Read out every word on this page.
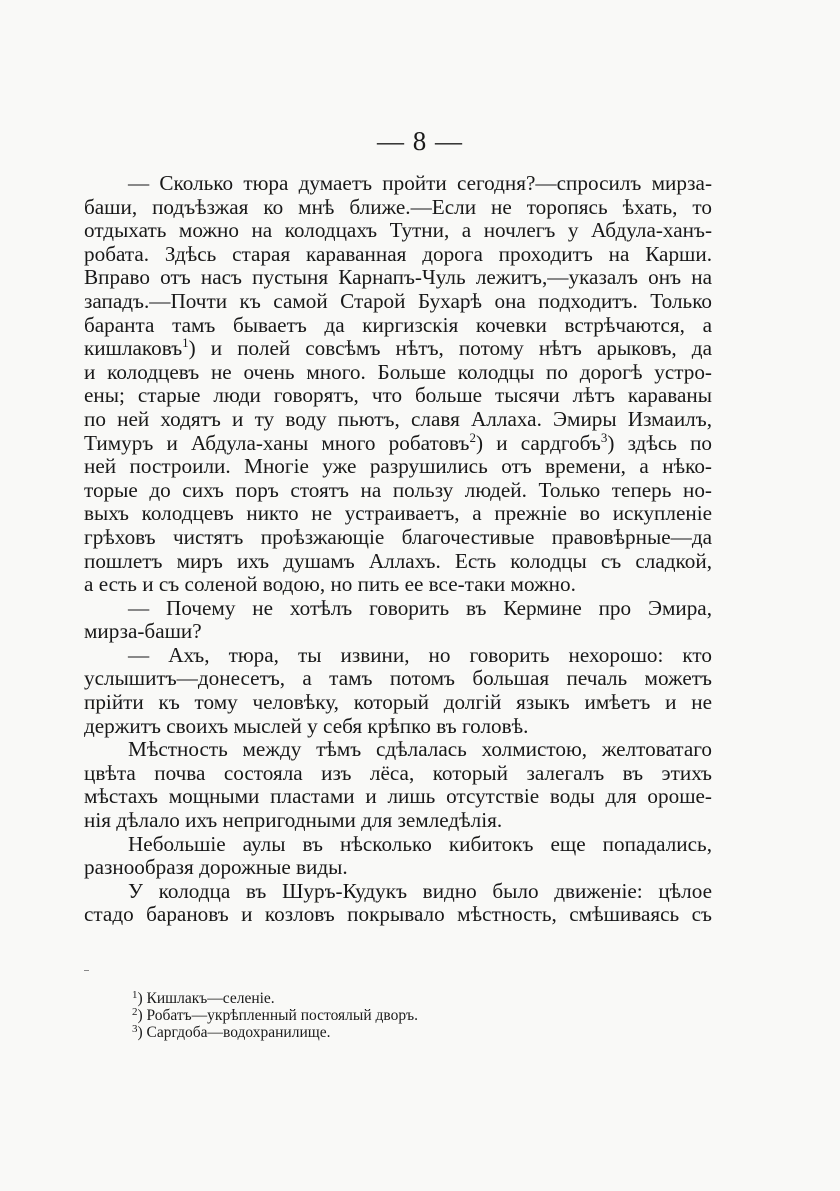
— 8 —
— Сколько тюра думаетъ пройти сегодня?—спросилъ мирза-
баши, подъѣзжая ко мнѣ ближе.—Если не торопясь ѣхать, то
отдыхать можно на колодцахъ Тутни, а ночлегъ у Абдула-ханъ-
робата. Здѣсь старая караванная дорога проходитъ на Карши.
Вправо отъ насъ пустыня Карнапъ-Чуль лежитъ,—указалъ онъ на
западъ.—Почти къ самой Старой Бухарѣ она подходитъ. Только
баранта тамъ бываетъ да киргизскія кочевки встрѣчаются, а
кишлаковъ$^1$) и полей совсѣмъ нѣтъ, потому нѣтъ арыковъ, да
и колодцевъ не очень много. Больше колодцы по дорогѣ устро-
ены; старые люди говорятъ, что больше тысячи лѣтъ караваны
по ней ходятъ и ту воду пьютъ, славя Аллаха. Эмиры Измаилъ,
Тимуръ и Абдула-ханы много робатовъ$^2$) и сардгобъ$^3$) здѣсь по
ней построили. Многіе уже разрушились отъ времени, а нѣко-
торые до сихъ поръ стоятъ на пользу людей. Только теперь но-
выхъ колодцевъ никто не устраиваетъ, а прежніе во искупленіе
грѣховъ чистятъ проѣзжающіе благочестивые правовѣрные—да
пошлетъ миръ ихъ душамъ Аллахъ. Есть колодцы съ сладкой,
а есть и съ соленой водою, но пить ее все-таки можно.
— Почему не хотѣлъ говорить въ Кермине про Эмира,
мирза-баши?
— Ахъ, тюра, ты извини, но говорить нехорошо: кто
услышитъ—донесетъ, а тамъ потомъ большая печаль можетъ
прійти къ тому человѣку, который долгій языкъ имѣетъ и не
держитъ своихъ мыслей у себя крѣпко въ головѣ.
Мѣстность между тѣмъ сдѣлалась холмистою, желтоватаго
цвѣта почва состояла изъ лёса, который залегалъ въ этихъ
мѣстахъ мощными пластами и лишь отсутствіе воды для ороше-
нія дѣлало ихъ непригодными для земледѣлія.
Небольшіе аулы въ нѣсколько кибитокъ еще попадались,
разнообразя дорожные виды.
У колодца въ Шуръ-Кудукъ видно было движеніе: цѣлое
стадо барановъ и козловъ покрывало мѣстность, смѣшиваясь съ
$^1$) Кишлакъ—селеніе.
$^2$) Робатъ—укрѣпленный постоялый дворъ.
$^3$) Саргдоба—водохранилище.
